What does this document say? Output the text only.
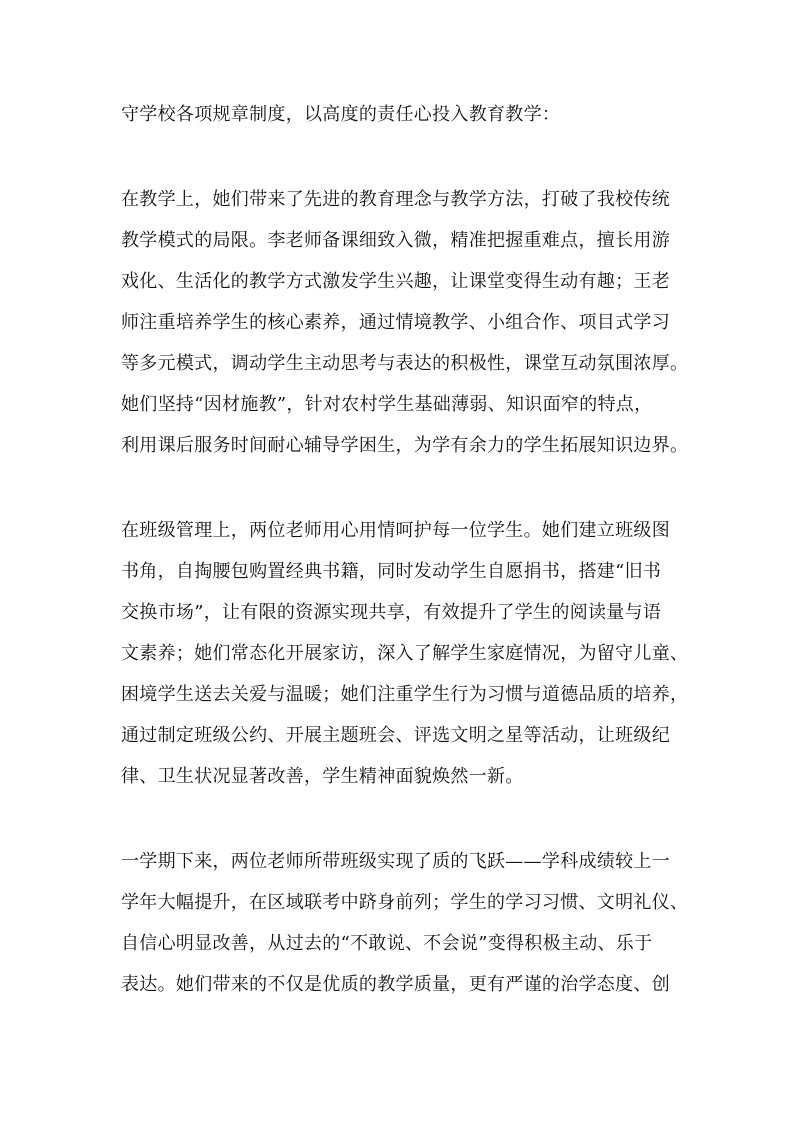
守学校各项规章制度，以高度的责任心投入教育教学：
在教学上，她们带来了先进的教育理念与教学方法，打破了我校传统
教学模式的局限。李老师备课细致入微，精准把握重难点，擅长用游
戏化、生活化的教学方式激发学生兴趣，让课堂变得生动有趣；王老
师注重培养学生的核心素养，通过情境教学、小组合作、项目式学习
等多元模式，调动学生主动思考与表达的积极性，课堂互动氛围浓厚。
她们坚持“因材施教”，针对农村学生基础薄弱、知识面窄的特点，
利用课后服务时间耐心辅导学困生，为学有余力的学生拓展知识边界。
在班级管理上，两位老师用心用情呵护每一位学生。她们建立班级图
书角，自掏腰包购置经典书籍，同时发动学生自愿捐书，搭建“旧书
交换市场”，让有限的资源实现共享，有效提升了学生的阅读量与语
文素养；她们常态化开展家访，深入了解学生家庭情况，为留守儿童、
困境学生送去关爱与温暖；她们注重学生行为习惯与道德品质的培养，
通过制定班级公约、开展主题班会、评选文明之星等活动，让班级纪
律、卫生状况显著改善，学生精神面貌焕然一新。
一学期下来，两位老师所带班级实现了质的飞跃——学科成绩较上一
学年大幅提升，在区域联考中跻身前列；学生的学习习惯、文明礼仪、
自信心明显改善，从过去的“不敢说、不会说”变得积极主动、乐于
表达。她们带来的不仅是优质的教学质量，更有严谨的治学态度、创
